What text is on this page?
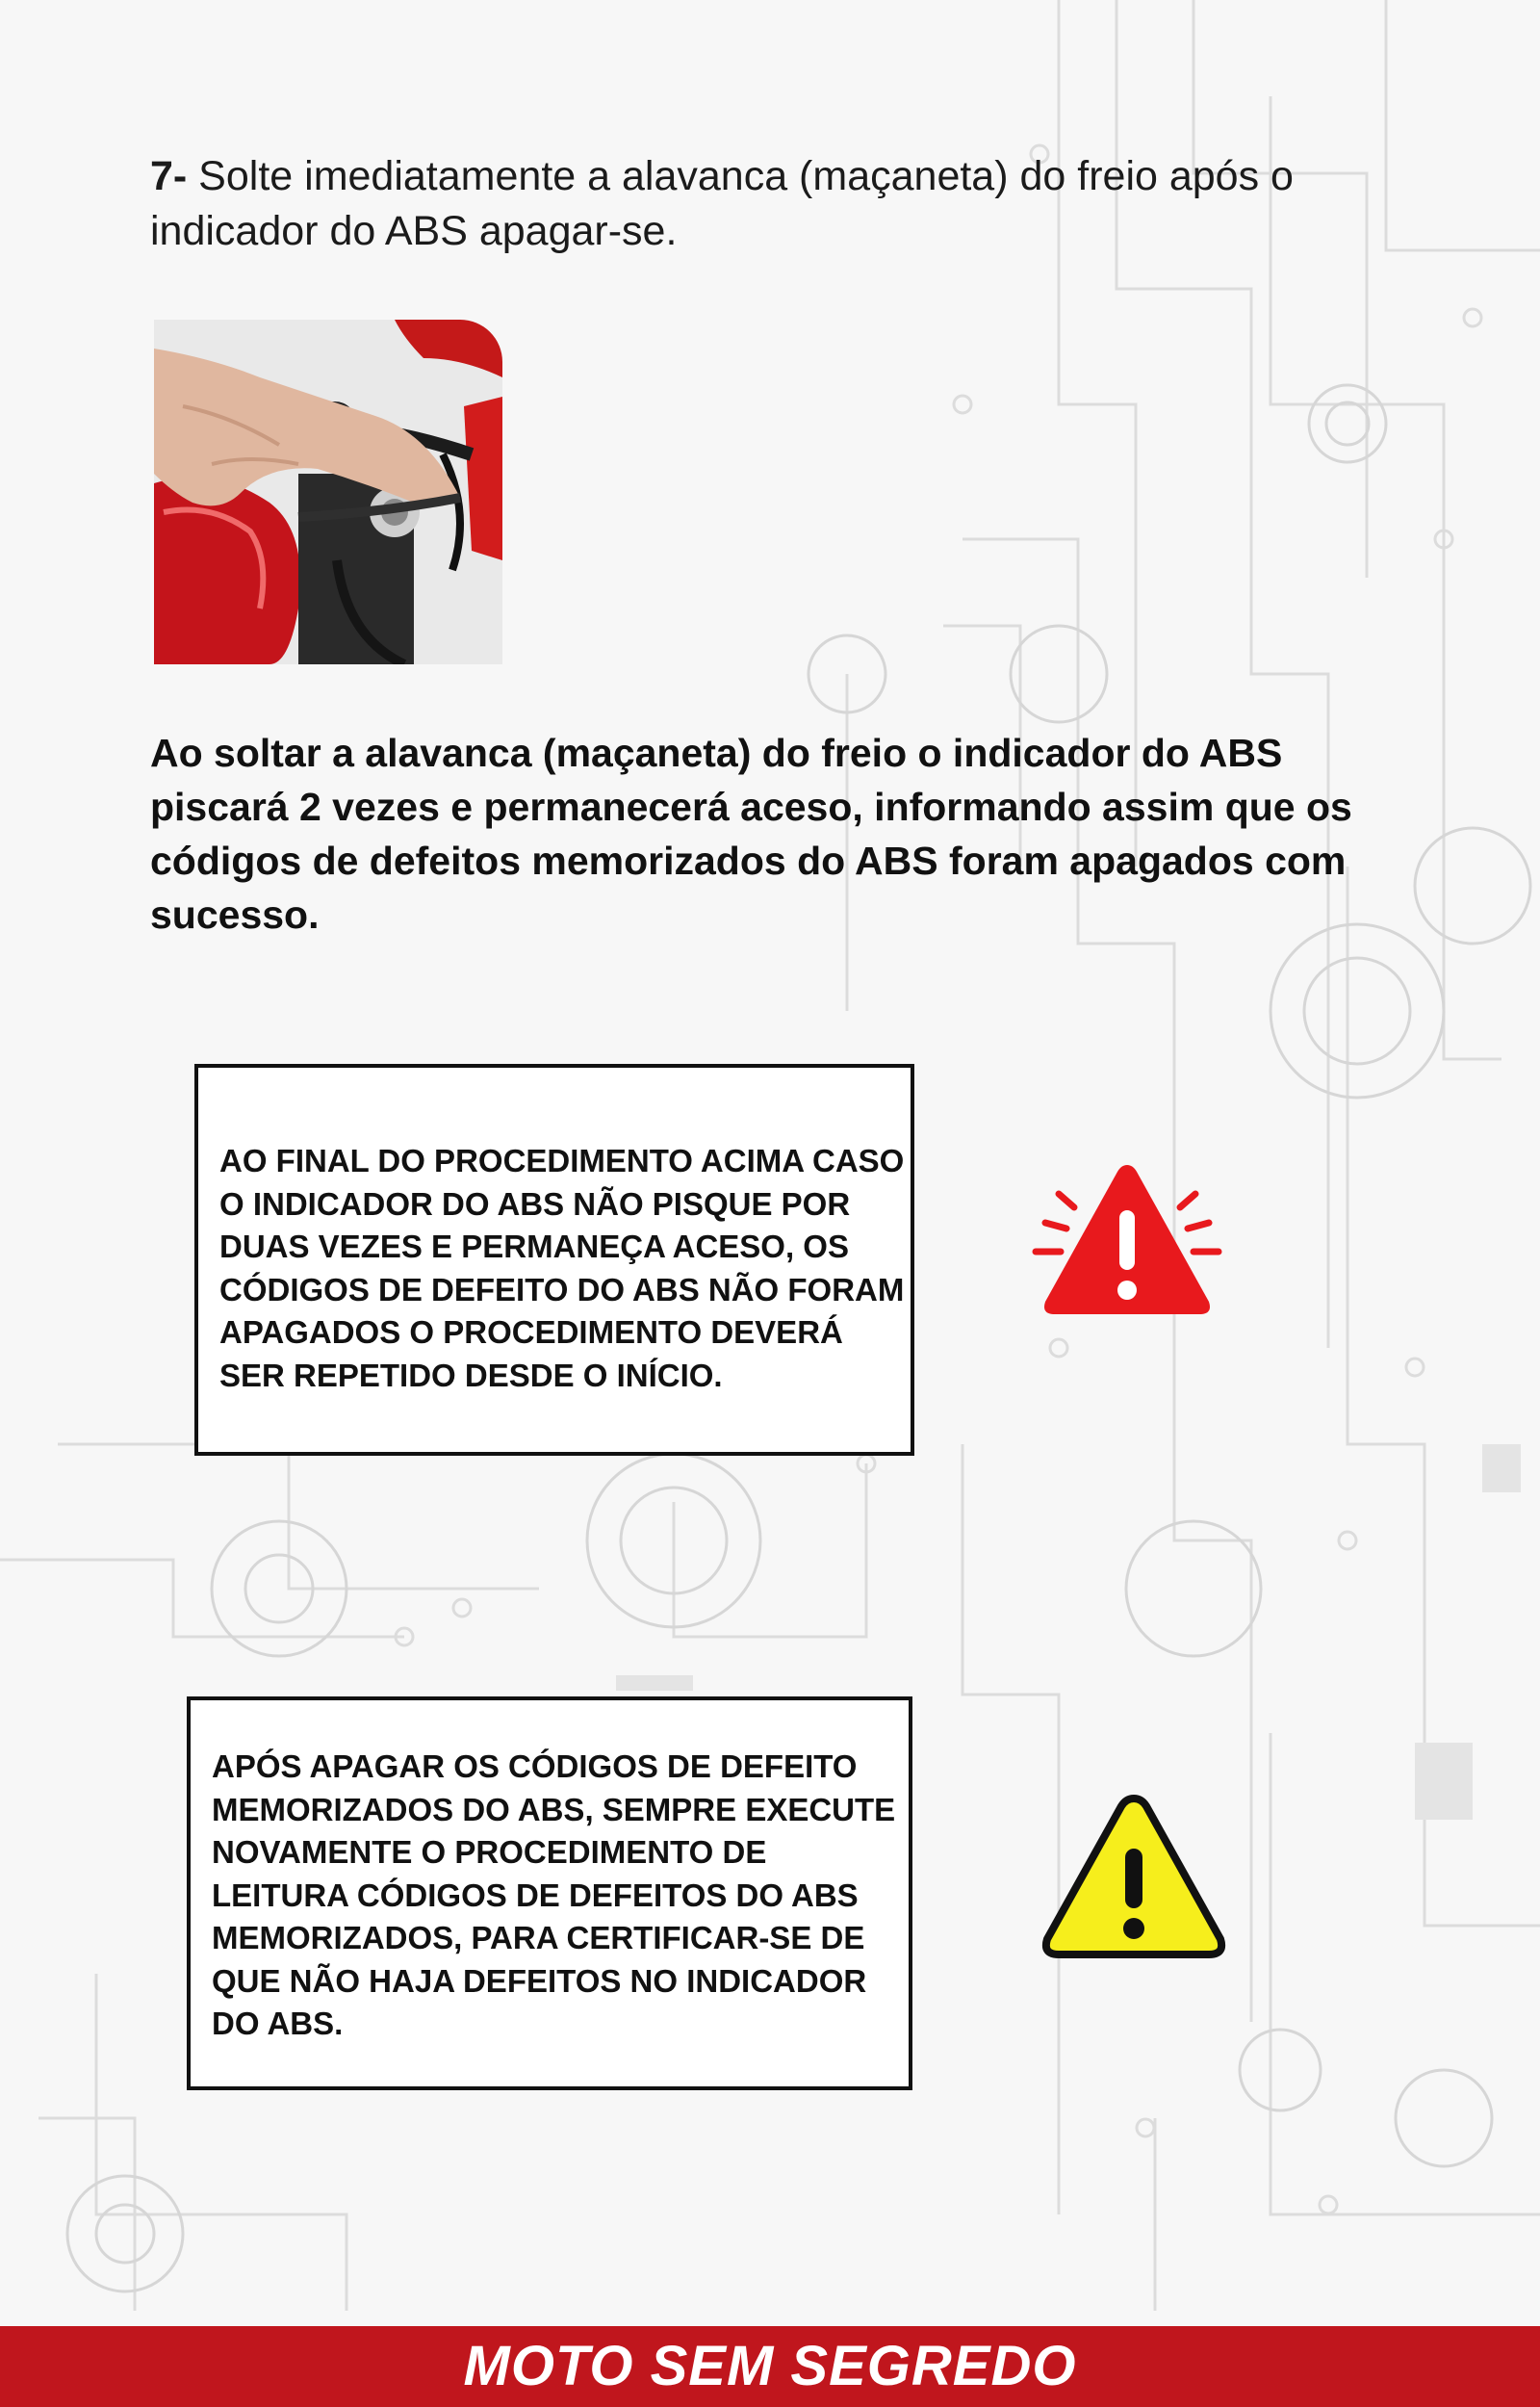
7- Solte imediatamente a alavanca (maçaneta) do freio após o indicador do ABS apagar-se.
Ao soltar a alavanca (maçaneta) do freio o indicador do ABS piscará 2 vezes e permanecerá aceso, informando assim que os códigos de defeitos memorizados do ABS foram apagados com sucesso.
AO FINAL DO PROCEDIMENTO ACIMA CASO O INDICADOR DO ABS NÃO PISQUE POR DUAS VEZES E PERMANEÇA ACESO, OS CÓDIGOS DE DEFEITO DO ABS NÃO FORAM APAGADOS O PROCEDIMENTO DEVERÁ SER REPETIDO DESDE O INÍCIO.
APÓS APAGAR OS CÓDIGOS DE DEFEITO MEMORIZADOS DO ABS, SEMPRE EXECUTE NOVAMENTE O PROCEDIMENTO DE LEITURA CÓDIGOS DE DEFEITOS DO ABS MEMORIZADOS, PARA CERTIFICAR-SE DE QUE NÃO HAJA DEFEITOS NO INDICADOR DO ABS.
MOTO SEM SEGREDO
